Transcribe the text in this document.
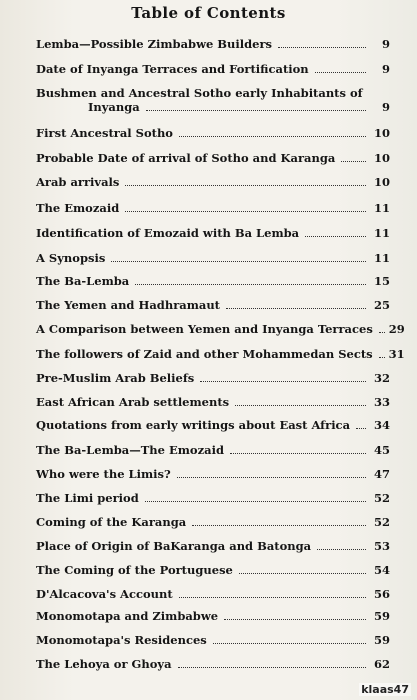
Table of Contents
Lemba—Possible Zimbabwe Builders	9
Date of Inyanga Terraces and Fortification	9
Bushmen and Ancestral Sotho early Inhabitants of
Inyanga	9
First Ancestral Sotho	10
Probable Date of arrival of Sotho and Karanga	10
Arab arrivals	10
The Emozaid	11
Identification of Emozaid with Ba Lemba	11
A Synopsis	11
The Ba-Lemba	15
The Yemen and Hadhramaut	25
A Comparison between Yemen and Inyanga Terraces 29
The followers of Zaid and other Mohammedan Sects 31
Pre-Muslim Arab Beliefs	32
East African Arab settlements	33
Quotations from early writings about East Africa	34
The Ba-Lemba—The Emozaid	45
Who were the Limis?	47
The Limi period	52
Coming of the Karanga	52
Place of Origin of BaKaranga and Batonga	53
The Coming of the Portuguese	54
D'Alcacova's Account	56
Monomotapa and Zimbabwe	59
Monomotapa's Residences	59
The Lehoya or Ghoya	62
klaas47
